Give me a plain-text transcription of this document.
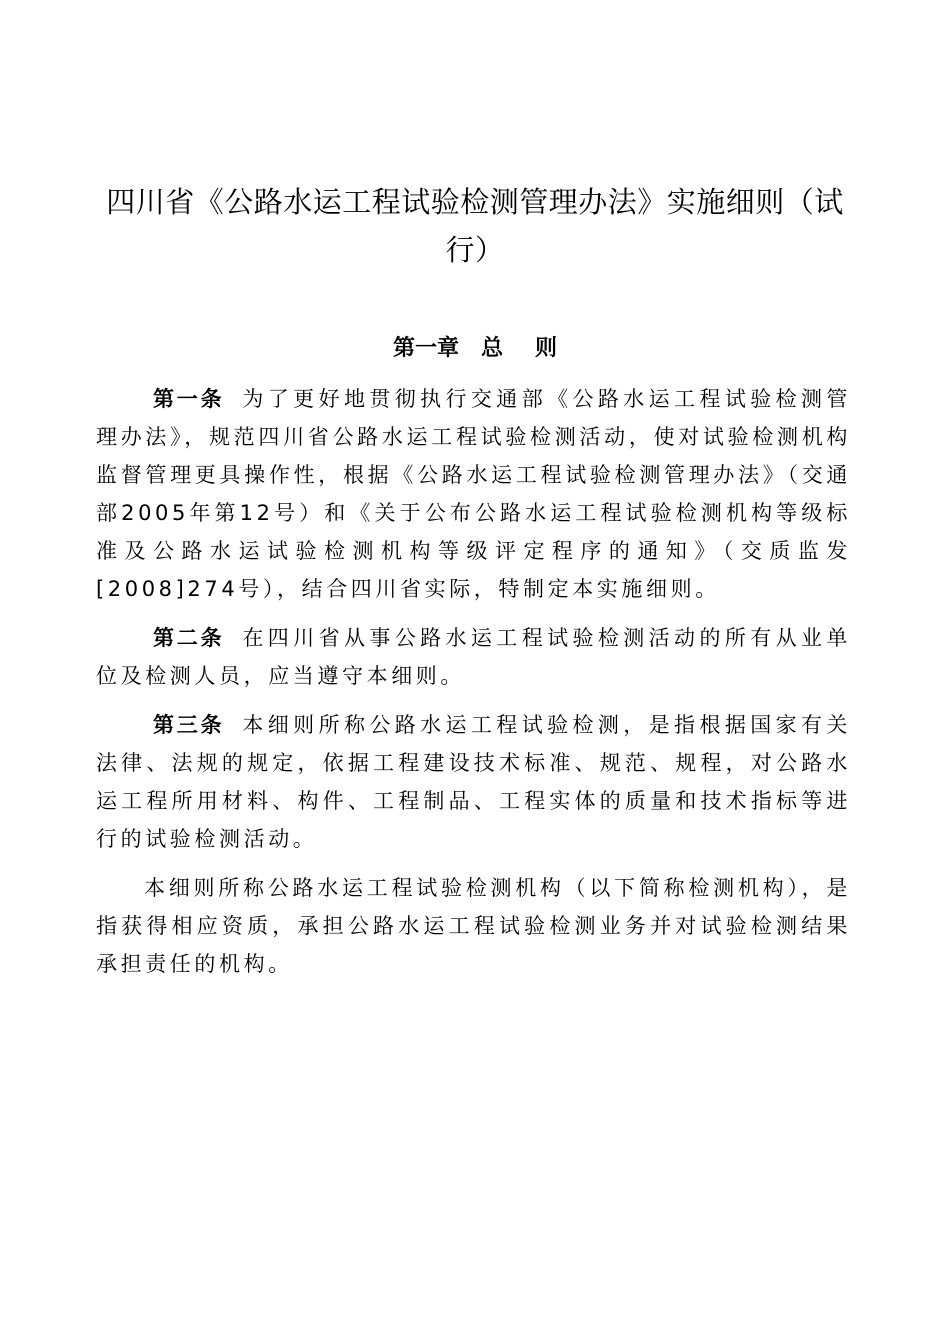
四川省《公路水运工程试验检测管理办法》实施细则（试行）
第一章 总 则

第一条 为了更好地贯彻执行交通部《公路水运工程试验检测管理办法》，规范四川省公路水运工程试验检测活动，使对试验检测机构监督管理更具操作性，根据《公路水运工程试验检测管理办法》（交通部2005年第12号）和《关于公布公路水运工程试验检测机构等级标准及公路水运试验检测机构等级评定程序的通知》（交质监发[2008]274号），结合四川省实际，特制定本实施细则。

第二条 在四川省从事公路水运工程试验检测活动的所有从业单位及检测人员，应当遵守本细则。

第三条 本细则所称公路水运工程试验检测，是指根据国家有关法律、法规的规定，依据工程建设技术标准、规范、规程，对公路水运工程所用材料、构件、工程制品、工程实体的质量和技术指标等进行的试验检测活动。

本细则所称公路水运工程试验检测机构（以下简称检测机构），是指获得相应资质，承担公路水运工程试验检测业务并对试验检测结果承担责任的机构。
